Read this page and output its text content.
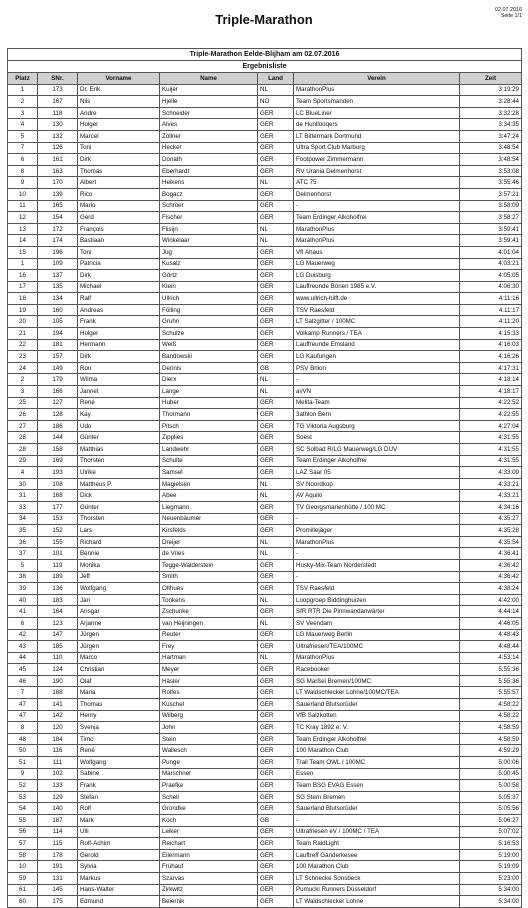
Triple-Marathon
02.07.2016
Seite 1/1
Triple-Marathon Eelde-Blijham am 02.07.2016						
Ergebnisliste						
Platz	SNr.	Vorname	Name	Land	Verein	Zeit
1	173	Dr. Erik	Kuijer	NL	MarathonPlus	3:19:29
2	167	Nils	Hjelle	NO	Team Sportsmanden	3:28:44
3	118	Andre	Schneider	GER	LC BlueLiner	3:32:28
4	130	Holger	Alves	GER	de Hunllooqers	3:34:35
5	132	Marcel	Zöllner	GER	LT Bittermark Dortmund	3:47:24
7	126	Toni	Hecker	GER	Ultra Sport Club Marburg	3:48:54
6	161	Dirk	Donath	GER	Footpower Zimmermann	3:48:54
8	163	Thomas	Eberhardt	GER	RV Urania Delmenhorst	3:53:08
9	170	Albert	Heikens	NL	ATC 75	3:55:46
10	139	Rico	Bogacz	GER	Delmenhorst	3:57:21
11	165	Mario	Schröer	GER	-	3:58:09
12	154	Gerd	Fischer	GER	Team Erdinger Alkoholfrei	3:58:27
13	172	François	Flisijn	NL	MarathonPlus	3:59:41
14	174	Bastiaan	Winkelaar	NL	MarathonPlus	3:59:41
15	196	Toni	Jug	GER	VfI Ahaus	4:01:04
1	109	Patricia	Kusalz	GER	LG Mauerweg	4:03:21
16	137	Dirk	Görtz	GER	LG Duisburg	4:05:05
17	135	Michael	Klein	GER	Lauffreunde Bönen 1985 e.V.	4:06:30
18	134	Ralf	Ullrich	GER	www.ullrich-hilft.de	4:11:16
19	160	Andreas	Fölling	GER	TSV Raesfeld	4:11:17
20	105	Frank	Gruhn	GER	LT Salzgitter / 100MC	4:11:20
21	194	Holger	Schulze	GER	Volkamp Runners / TEA	4:15:33
22	181	Hermann	Weiß	GER	Lauffreunde Emsland	4:16:03
23	157	Dirk	Bandowski	GER	LG Kaufungen	4:16:26
24	149	Ron	Dennis	GB	PSV Brlion	4:17:31
2	179	Wilma	Dierx	NL	-	4:18:14
3	166	Jannet	Lange	NL	avVN	4:18:17
25	127	René	Huber	GER	Melita-Team	4:22:52
26	128	Kay	Thormann	GER	3athlon Bern	4:22:55
27	186	Udo	Pitsch	GER	TG Viktoria Augsburg	4:27:04
28	144	Günter	Zipplies	GER	Soest	4:31:55
28	158	Matthias	Landwehr	GER	SC Solbad R/LG Mauerweg/LG DUV	4:31:55
29	169	Thorsten	Schulte	GER	Team Erdinger Alkoholfrei	4:31:55
4	193	Ulrike	Samsel	GER	LAZ Saar 05	4:33:09
30	108	Mattheus P.	Magielsen	NL	SV Noordkop	4:33:21
31	168	Dick	Abee	NL	AV Aquilo	4:33:21
33	177	Günter	Liegmann	GER	TV Georgsmarienhütte / 100 MC	4:34:16
34	153	Thorsten	Neuenbäumer	GER	-	4:35:27
35	152	Lars	Kirsfelds	GER	Promillejäger	4:35:28
36	155	Richard	Dreijer	NL	MarathonPlus	4:35:54
37	101	Bennie	de Vries	NL	-	4:36:41
5	119	Monika	Tegge-Walderstein	GER	Husky-Mix-Team Norderstedt	4:36:42
38	189	Jeff	Smith	GER	-	4:36:42
39	136	Wolfgang	Olthues	GER	TSV Raesfeld	4:38:24
40	183	Jan	Tonkens	NL	Loopgroep Biddinghuizen	4:42:00
41	164	Ansgar	Zschunke	GER	SfR RTR Die Pinnwandanwärter	4:44:14
6	123	Arjanne	van Heijningen	NL	SV Veendam	4:46:05
42	147	Jürgen	Reuter	GER	LG Mauerweg Berlin	4:48:43
43	185	Jürgen	Frey	GER	Ultrafriesen/TEA/100MC	4:48:44
44	110	Marco	Hartman	NL	MarathonPlus	4:53:14
45	124	Christian	Meyer	GER	Racebooker	5:55:36
46	190	Olaf	Häsler	GER	SG Marßel Bremen/100MC	5:55:36
7	188	Maria	Rolfes	GER	LT Waldschlecker Lohne/100MC/TEA	5:55:57
47	141	Thomas	Kuschel	GER	Sauerland Blutsorüder	4:58:22
47	142	Henry	Wilberg	GER	VfB Salzkotten	4:58:22
8	120	Svenja	John	GER	TC Kray 1892 e. V.	4:58:59
48	184	Timo	Stein	GER	Team Erdinger Alkoholfrei	4:58:59
50	116	René	Wallesch	GER	100 Marathon Club	4:59:29
51	111	Wolfgang	Punge	GER	Trail Team OWL / 100MC	5:00:06
9	102	Sabine	Marschner	GER	Essen	5:00:45
52	133	Frank	Praefke	GER	Team BSG EVAG Essen	5:00:58
53	129	Stefan	Schell	GER	SG Stern Bremen	5:05:37
54	140	Rolf	Grondke	GER	Sauerland Blutsorüder	5:05:56
55	187	Mark	Koch	GB	-	5:06:27
56	114	Ulli	Leiker	GER	Ultrafriesen eV / 100MC / TEA	5:07:02
57	115	Rolf-Achim	Reichart	GER	Team RaidLight	5:16:53
58	178	Gerold	Eilermann	GER	Lauftreff Ganderkesee	5:19:00
10	191	Sylvia	Frühauf	GER	100 Marathon Club	5:19:09
59	131	Markus	Szarvas	GER	LT Schnecke Sonsbeck	5:23:00
61	145	Hans-Walter	Zirkwitz	GER	Pumucki Runners Düsseldorf	5:34:00
60	175	Edmund	Beiernik	GER	LT Waldschlecker Lohne	5:34:00
